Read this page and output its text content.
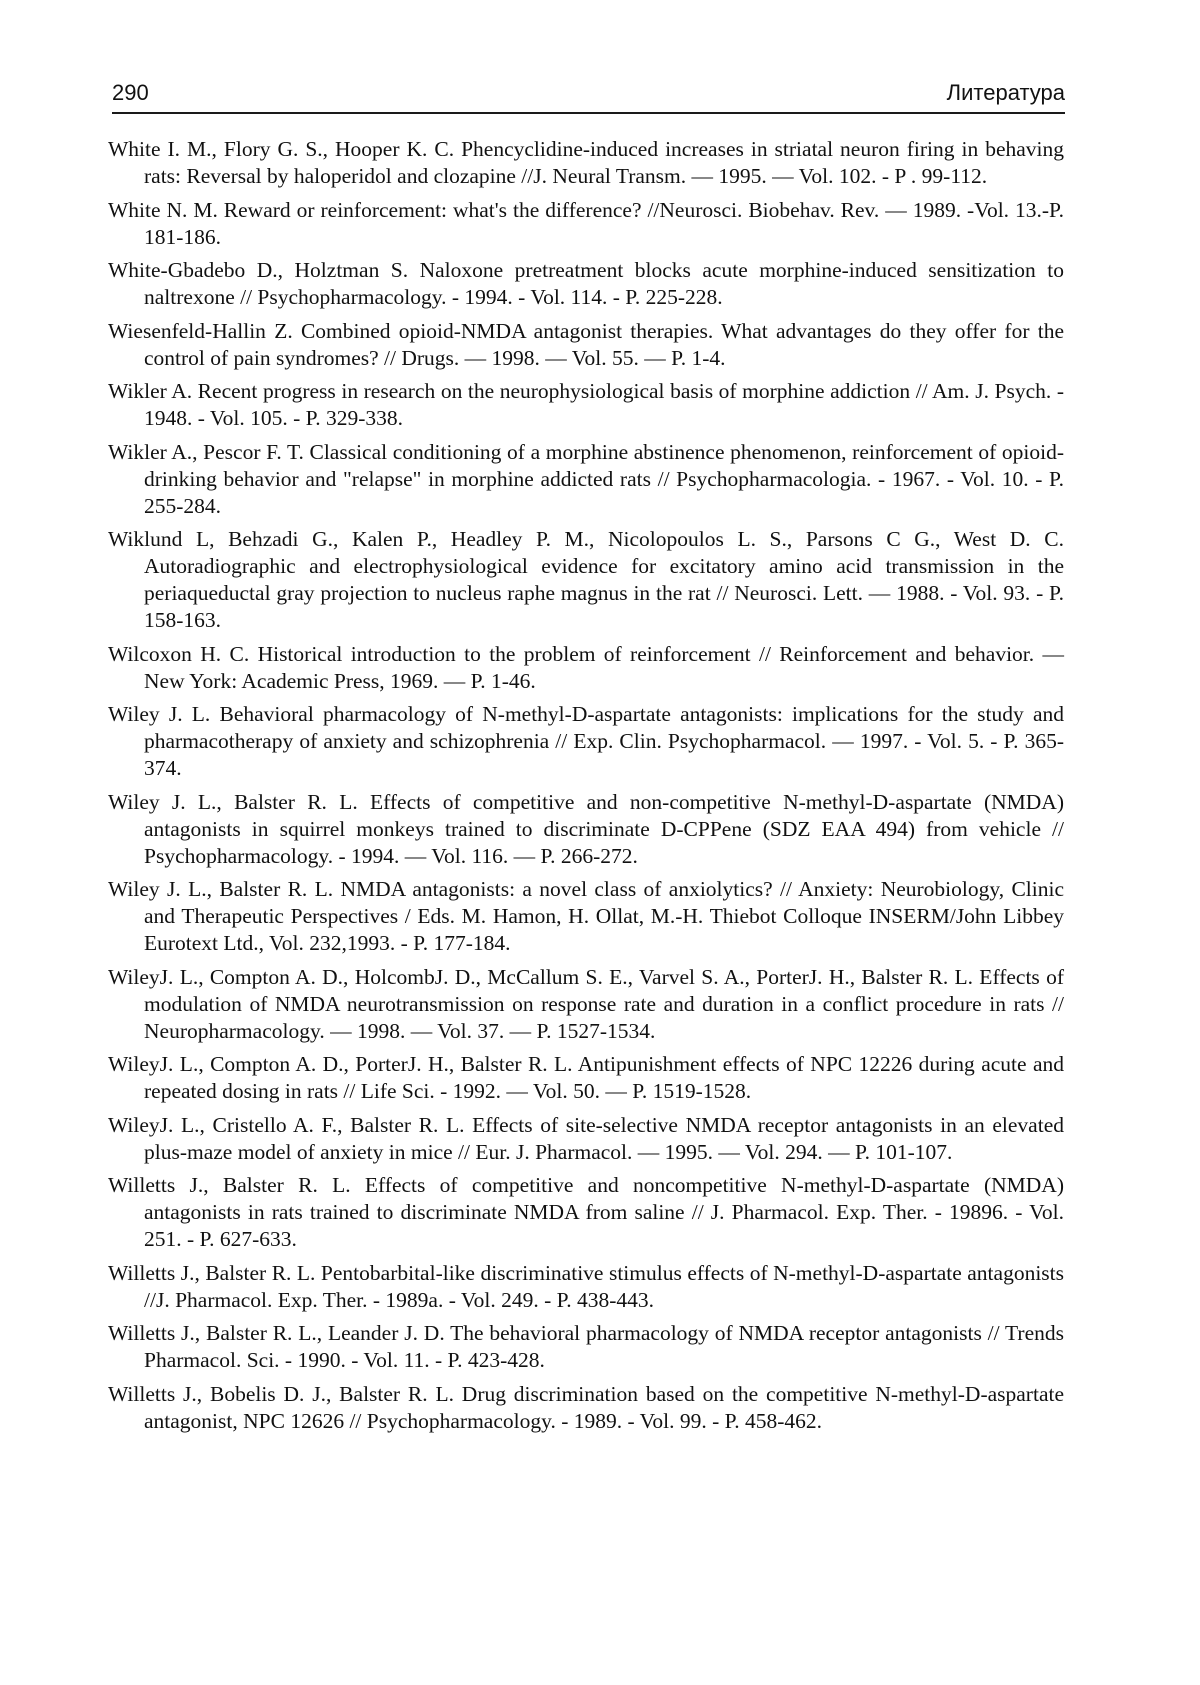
290	Литература
White I. M., Flory G. S., Hooper K. C. Phencyclidine-induced increases in striatal neuron firing in behaving rats: Reversal by haloperidol and clozapine //J. Neural Transm. — 1995. — Vol. 102. - P . 99-112.
White N. M. Reward or reinforcement: what's the difference? //Neurosci. Biobehav. Rev. — 1989. -Vol. 13.-P. 181-186.
White-Gbadebo D., Holztman S. Naloxone pretreatment blocks acute morphine-induced sensitization to naltrexone // Psychopharmacology. - 1994. - Vol. 114. - P. 225-228.
Wiesenfeld-Hallin Z. Combined opioid-NMDA antagonist therapies. What advantages do they offer for the control of pain syndromes? // Drugs. — 1998. — Vol. 55. — P. 1-4.
Wikler A. Recent progress in research on the neurophysiological basis of morphine addiction // Am. J. Psych. - 1948. - Vol. 105. - P. 329-338.
Wikler A., Pescor F. T. Classical conditioning of a morphine abstinence phenomenon, reinforcement of opioid-drinking behavior and "relapse" in morphine addicted rats // Psychopharmacologia. - 1967. - Vol. 10. - P. 255-284.
Wiklund L, Behzadi G., Kalen P., Headley P. M., Nicolopoulos L. S., Parsons C G., West D. C. Autoradiographic and electrophysiological evidence for excitatory amino acid transmission in the periaqueductal gray projection to nucleus raphe magnus in the rat // Neurosci. Lett. — 1988. - Vol. 93. - P. 158-163.
Wilcoxon H. C. Historical introduction to the problem of reinforcement // Reinforcement and behavior. — New York: Academic Press, 1969. — P. 1-46.
Wiley J. L. Behavioral pharmacology of N-methyl-D-aspartate antagonists: implications for the study and pharmacotherapy of anxiety and schizophrenia // Exp. Clin. Psychopharmacol. — 1997. - Vol. 5. - P. 365-374.
Wiley J. L., Balster R. L. Effects of competitive and non-competitive N-methyl-D-aspartate (NMDA) antagonists in squirrel monkeys trained to discriminate D-CPPene (SDZ EAA 494) from vehicle // Psychopharmacology. - 1994. — Vol. 116. — P. 266-272.
Wiley J. L., Balster R. L. NMDA antagonists: a novel class of anxiolytics? // Anxiety: Neurobiology, Clinic and Therapeutic Perspectives / Eds. M. Hamon, H. Ollat, M.-H. Thiebot Colloque INSERM/John Libbey Eurotext Ltd., Vol. 232,1993. - P. 177-184.
WileyJ. L., Compton A. D., HolcombJ. D., McCallum S. E., Varvel S. A., PorterJ. H., Balster R. L. Effects of modulation of NMDA neurotransmission on response rate and duration in a conflict procedure in rats // Neuropharmacology. — 1998. — Vol. 37. — P. 1527-1534.
WileyJ. L., Compton A. D., PorterJ. H., Balster R. L. Antipunishment effects of NPC 12226 during acute and repeated dosing in rats // Life Sci. - 1992. — Vol. 50. — P. 1519-1528.
WileyJ. L., Cristello A. F., Balster R. L. Effects of site-selective NMDA receptor antagonists in an elevated plus-maze model of anxiety in mice // Eur. J. Pharmacol. — 1995. — Vol. 294. — P. 101-107.
Willetts J., Balster R. L. Effects of competitive and noncompetitive N-methyl-D-aspartate (NMDA) antagonists in rats trained to discriminate NMDA from saline // J. Pharmacol. Exp. Ther. - 19896. - Vol. 251. - P. 627-633.
Willetts J., Balster R. L. Pentobarbital-like discriminative stimulus effects of N-methyl-D-aspartate antagonists //J. Pharmacol. Exp. Ther. - 1989a. - Vol. 249. - P. 438-443.
Willetts J., Balster R. L., Leander J. D. The behavioral pharmacology of NMDA receptor antagonists // Trends Pharmacol. Sci. - 1990. - Vol. 11. - P. 423-428.
Willetts J., Bobelis D. J., Balster R. L. Drug discrimination based on the competitive N-methyl-D-aspartate antagonist, NPC 12626 // Psychopharmacology. - 1989. - Vol. 99. - P. 458-462.
